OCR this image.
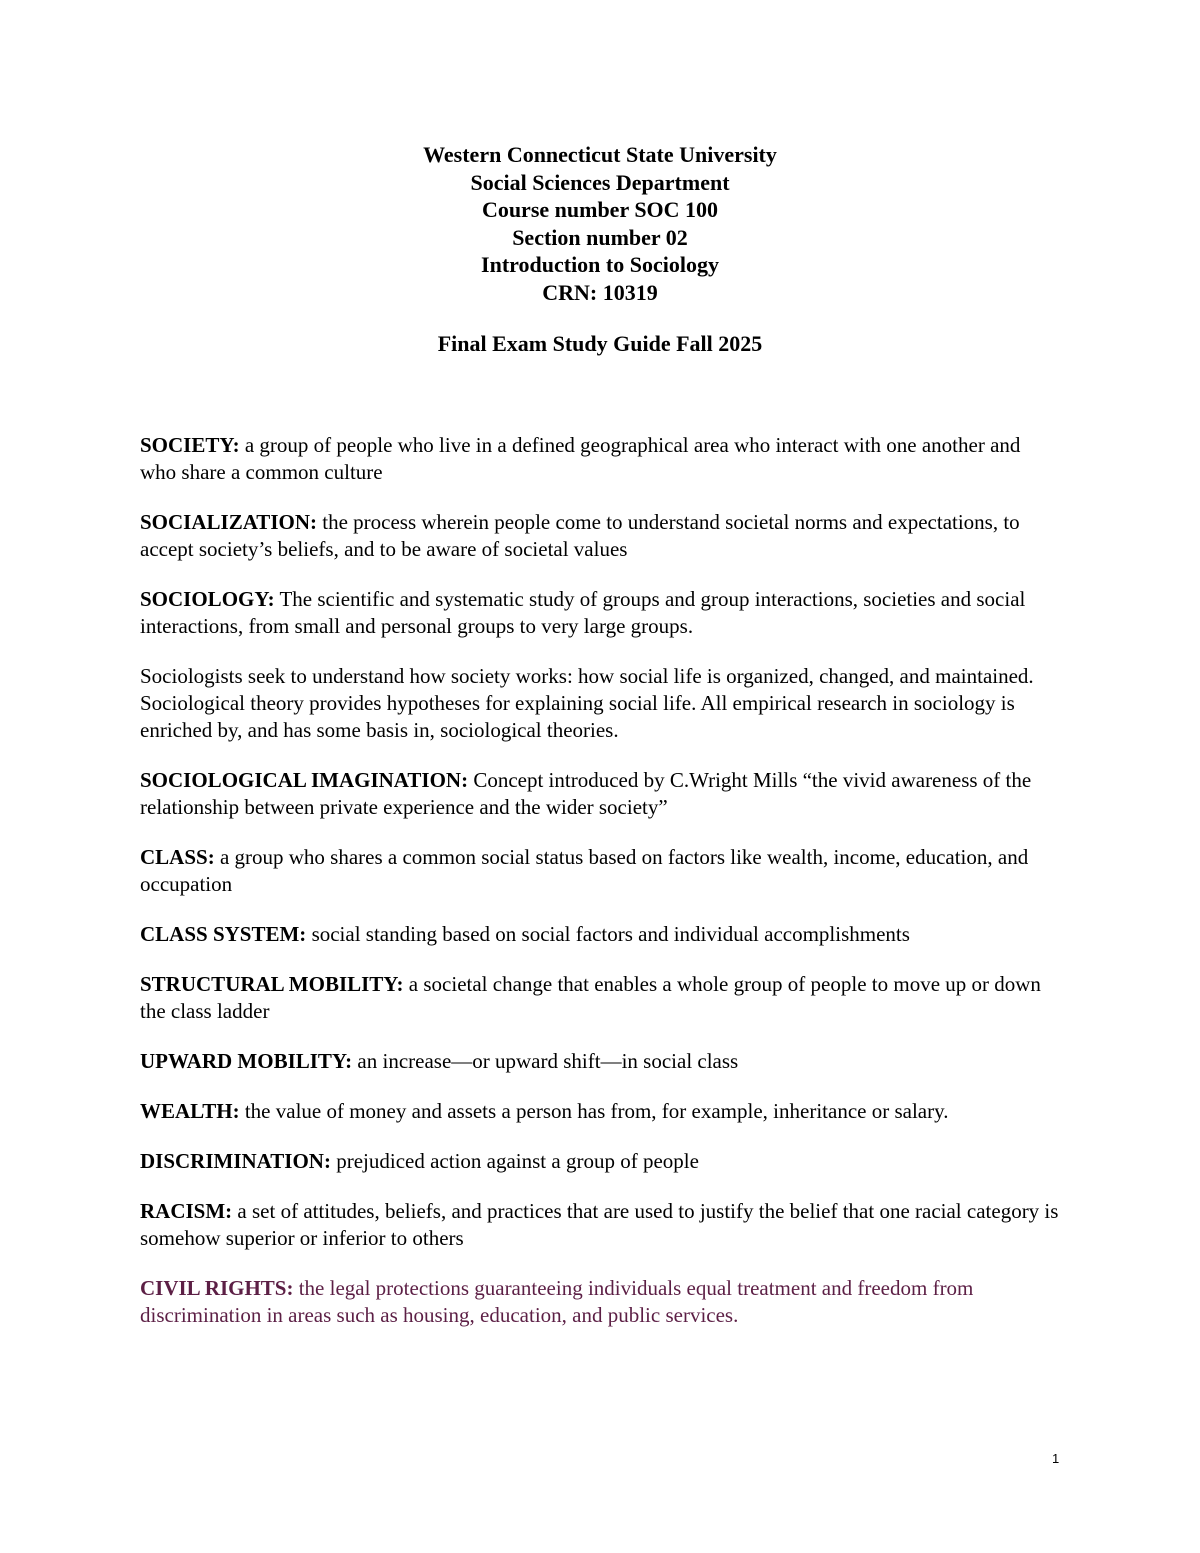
Western Connecticut State University
Social Sciences Department
Course number SOC 100
Section number 02
Introduction to Sociology
CRN: 10319
Final Exam Study Guide Fall 2025

SOCIETY: a group of people who live in a defined geographical area who interact with one another and who share a common culture

SOCIALIZATION: the process wherein people come to understand societal norms and expectations, to accept society’s beliefs, and to be aware of societal values

SOCIOLOGY: The scientific and systematic study of groups and group interactions, societies and social interactions, from small and personal groups to very large groups.

Sociologists seek to understand how society works: how social life is organized, changed, and maintained. Sociological theory provides hypotheses for explaining social life. All empirical research in sociology is enriched by, and has some basis in, sociological theories.

SOCIOLOGICAL IMAGINATION: Concept introduced by C.Wright Mills “the vivid awareness of the relationship between private experience and the wider society”

CLASS: a group who shares a common social status based on factors like wealth, income, education, and occupation

CLASS SYSTEM: social standing based on social factors and individual accomplishments

STRUCTURAL MOBILITY: a societal change that enables a whole group of people to move up or down the class ladder

UPWARD MOBILITY: an increase—or upward shift—in social class

WEALTH: the value of money and assets a person has from, for example, inheritance or salary.

DISCRIMINATION: prejudiced action against a group of people

RACISM: a set of attitudes, beliefs, and practices that are used to justify the belief that one racial category is somehow superior or inferior to others

CIVIL RIGHTS: the legal protections guaranteeing individuals equal treatment and freedom from discrimination in areas such as housing, education, and public services.

1
